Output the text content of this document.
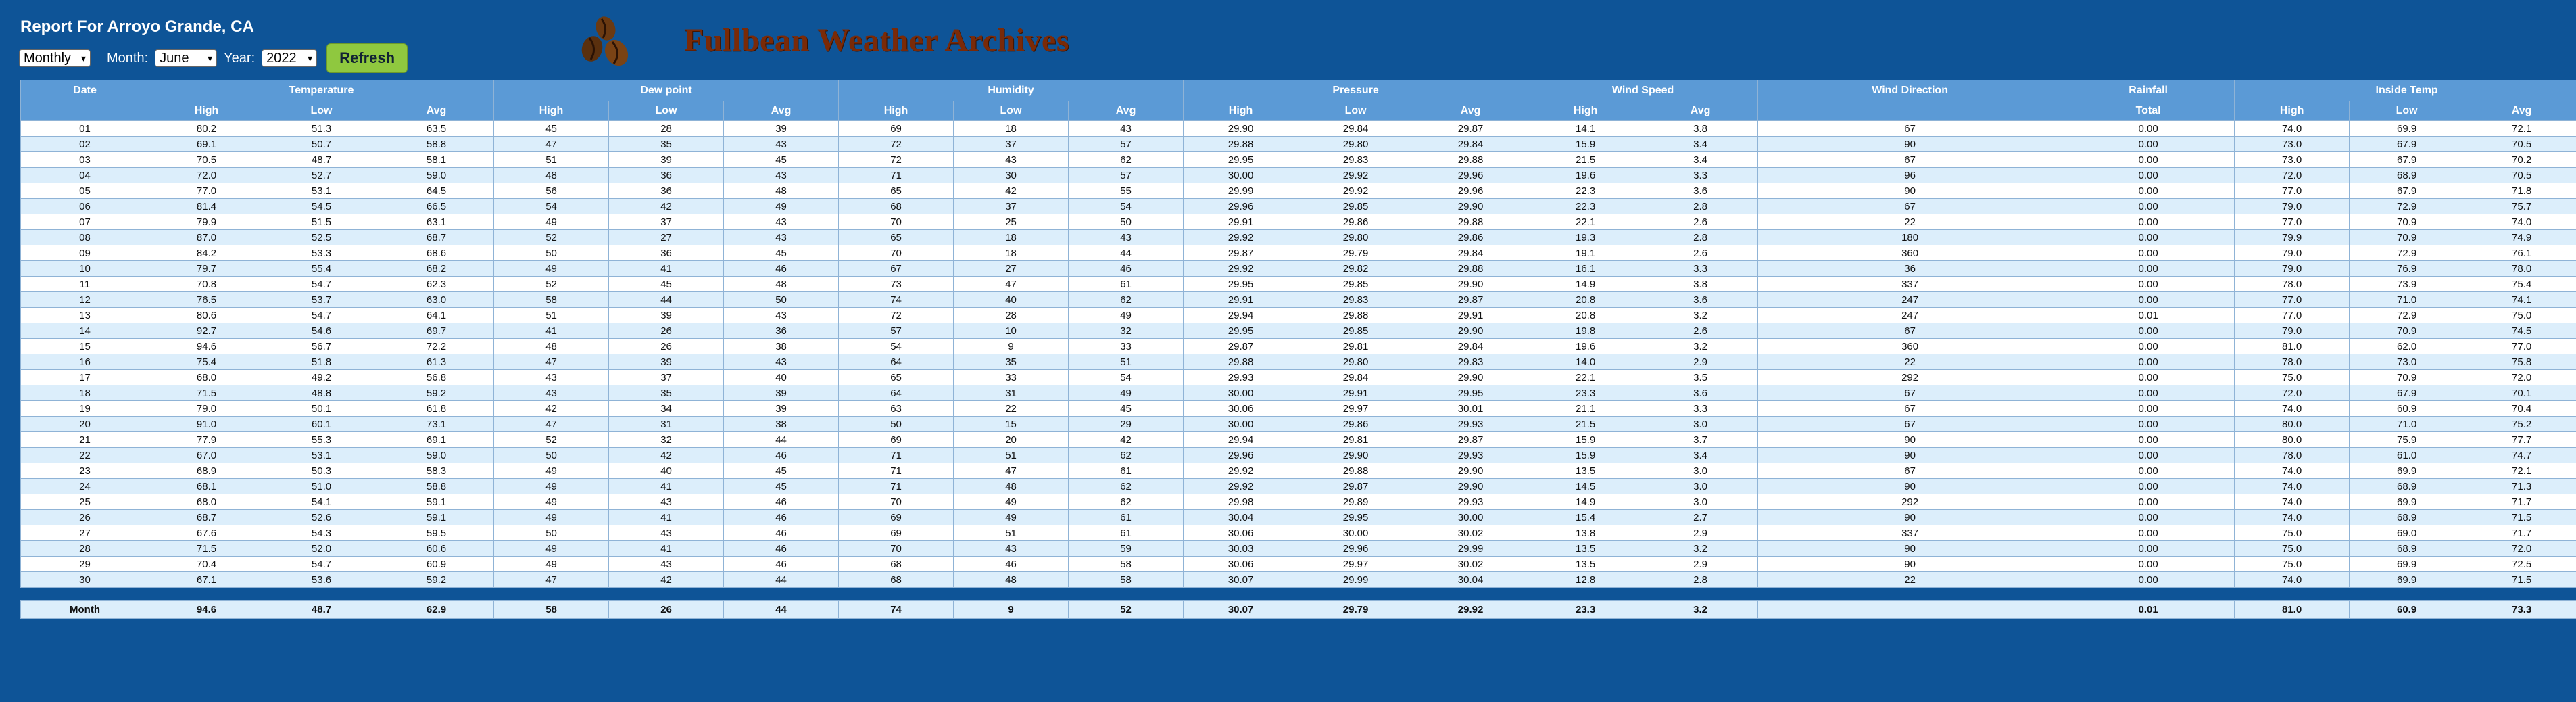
Report For Arroyo Grande, CA
Monthly ▾ Month: June ▾ Year: 2022 ▾	Refresh	Fullbean Weather Archives
Date	Temperature			Dew point			Humidity			Pressure			Wind Speed		Wind Direction	Rainfall	Inside Temp		
	High	Low	Avg	High	Low	Avg	High	Low	Avg	High	Low	Avg	High	Avg		Total	High	Low	Avg
01	80.2	51.3	63.5	45	28	39	69	18	43	29.90	29.84	29.87	14.1	3.8	67	0.00	74.0	69.9	72.1
02	69.1	50.7	58.8	47	35	43	72	37	57	29.88	29.80	29.84	15.9	3.4	90	0.00	73.0	67.9	70.5
03	70.5	48.7	58.1	51	39	45	72	43	62	29.95	29.83	29.88	21.5	3.4	67	0.00	73.0	67.9	70.2
04	72.0	52.7	59.0	48	36	43	71	30	57	30.00	29.92	29.96	19.6	3.3	96	0.00	72.0	68.9	70.5
05	77.0	53.1	64.5	56	36	48	65	42	55	29.99	29.92	29.96	22.3	3.6	90	0.00	77.0	67.9	71.8
06	81.4	54.5	66.5	54	42	49	68	37	54	29.96	29.85	29.90	22.3	2.8	67	0.00	79.0	72.9	75.7
07	79.9	51.5	63.1	49	37	43	70	25	50	29.91	29.86	29.88	22.1	2.6	22	0.00	77.0	70.9	74.0
08	87.0	52.5	68.7	52	27	43	65	18	43	29.92	29.80	29.86	19.3	2.8	180	0.00	79.9	70.9	74.9
09	84.2	53.3	68.6	50	36	45	70	18	44	29.87	29.79	29.84	19.1	2.6	360	0.00	79.0	72.9	76.1
10	79.7	55.4	68.2	49	41	46	67	27	46	29.92	29.82	29.88	16.1	3.3	36	0.00	79.0	76.9	78.0
11	70.8	54.7	62.3	52	45	48	73	47	61	29.95	29.85	29.90	14.9	3.8	337	0.00	78.0	73.9	75.4
12	76.5	53.7	63.0	58	44	50	74	40	62	29.91	29.83	29.87	20.8	3.6	247	0.00	77.0	71.0	74.1
13	80.6	54.7	64.1	51	39	43	72	28	49	29.94	29.88	29.91	20.8	3.2	247	0.01	77.0	72.9	75.0
14	92.7	54.6	69.7	41	26	36	57	10	32	29.95	29.85	29.90	19.8	2.6	67	0.00	79.0	70.9	74.5
15	94.6	56.7	72.2	48	26	38	54	9	33	29.87	29.81	29.84	19.6	3.2	360	0.00	81.0	62.0	77.0
16	75.4	51.8	61.3	47	39	43	64	35	51	29.88	29.80	29.83	14.0	2.9	22	0.00	78.0	73.0	75.8
17	68.0	49.2	56.8	43	37	40	65	33	54	29.93	29.84	29.90	22.1	3.5	292	0.00	75.0	70.9	72.0
18	71.5	48.8	59.2	43	35	39	64	31	49	30.00	29.91	29.95	23.3	3.6	67	0.00	72.0	67.9	70.1
19	79.0	50.1	61.8	42	34	39	63	22	45	30.06	29.97	30.01	21.1	3.3	67	0.00	74.0	60.9	70.4
20	91.0	60.1	73.1	47	31	38	50	15	29	30.00	29.86	29.93	21.5	3.0	67	0.00	80.0	71.0	75.2
21	77.9	55.3	69.1	52	32	44	69	20	42	29.94	29.81	29.87	15.9	3.7	90	0.00	80.0	75.9	77.7
22	67.0	53.1	59.0	50	42	46	71	51	62	29.96	29.90	29.93	15.9	3.4	90	0.00	78.0	61.0	74.7
23	68.9	50.3	58.3	49	40	45	71	47	61	29.92	29.88	29.90	13.5	3.0	67	0.00	74.0	69.9	72.1
24	68.1	51.0	58.8	49	41	45	71	48	62	29.92	29.87	29.90	14.5	3.0	90	0.00	74.0	68.9	71.3
25	68.0	54.1	59.1	49	43	46	70	49	62	29.98	29.89	29.93	14.9	3.0	292	0.00	74.0	69.9	71.7
26	68.7	52.6	59.1	49	41	46	69	49	61	30.04	29.95	30.00	15.4	2.7	90	0.00	74.0	68.9	71.5
27	67.6	54.3	59.5	50	43	46	69	51	61	30.06	30.00	30.02	13.8	2.9	337	0.00	75.0	69.0	71.7
28	71.5	52.0	60.6	49	41	46	70	43	59	30.03	29.96	29.99	13.5	3.2	90	0.00	75.0	68.9	72.0
29	70.4	54.7	60.9	49	43	46	68	46	58	30.06	29.97	30.02	13.5	2.9	90	0.00	75.0	69.9	72.5
30	67.1	53.6	59.2	47	42	44	68	48	58	30.07	29.99	30.04	12.8	2.8	22	0.00	74.0	69.9	71.5

Month	94.6	48.7	62.9	58	26	44	74	9	52	30.07	29.79	29.92	23.3	3.2		0.01	81.0	60.9	73.3
